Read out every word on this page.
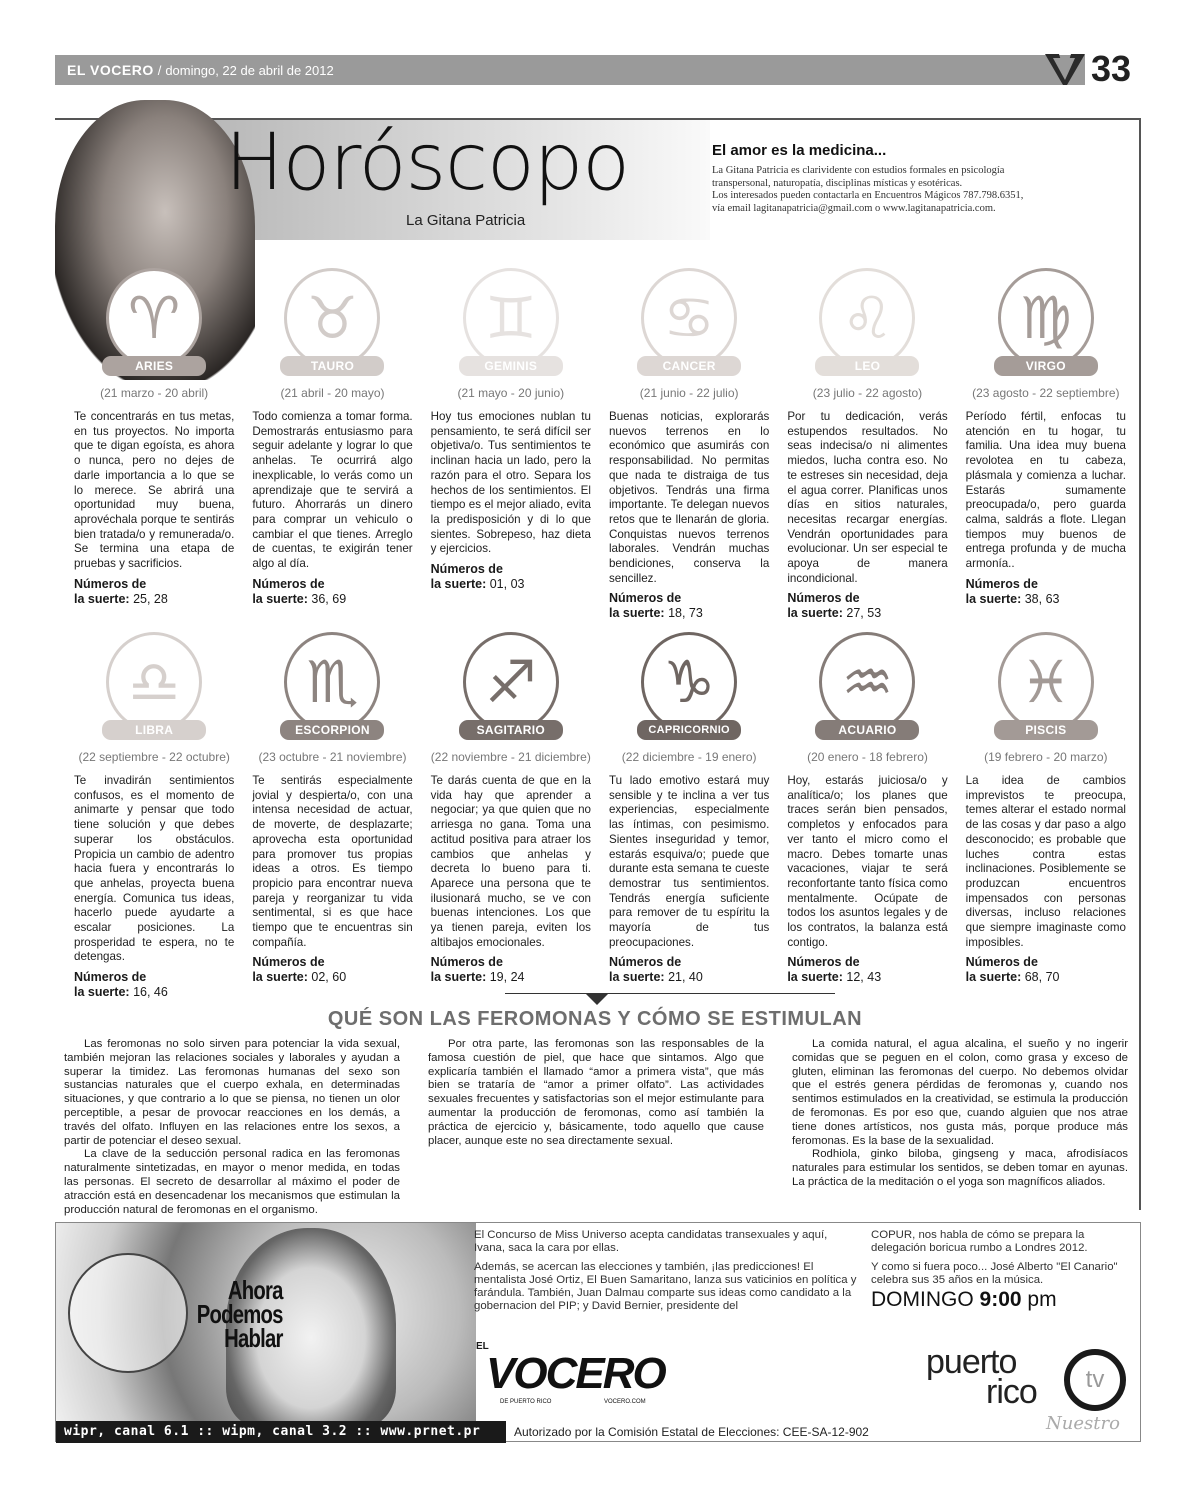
EL VOCERO / domingo, 22 de abril de 2012	33
Horóscopo
La Gitana Patricia
El amor es la medicina...

La Gitana Patricia es clarividente con estudios formales en psicología
transpersonal, naturopatía, disciplinas místicas y esotéricas.
Los interesados pueden contactarla en Encuentros Mágicos 787.798.6351,
vía email lagitanapatricia@gmail.com o www.lagitanapatricia.com.

♈
ARIES
(21 marzo - 20 abril)
Te concentrarás en tus metas, en tus proyectos. No importa que te digan egoísta, es ahora o nunca, pero no dejes de darle importancia a lo que se lo merece. Se abrirá una oportunidad muy buena, aprovéchala porque te sentirás bien tratada/o y remunerada/o. Se termina una etapa de pruebas y sacrificios.
Números de
la suerte: 25, 28
♉
TAURO
(21 abril - 20 mayo)
Todo comienza a tomar forma. Demostrarás entusiasmo para seguir adelante y lograr lo que anhelas. Te ocurrirá algo inexplicable, lo verás como un aprendizaje que te servirá a futuro. Ahorrarás un dinero para comprar un vehiculo o cambiar el que tienes. Arreglo de cuentas, te exigirán tener algo al día.
Números de
la suerte: 36, 69
♊
GEMINIS
(21 mayo - 20 junio)
Hoy tus emociones nublan tu pensamiento, te será difícil ser objetiva/o. Tus sentimientos te inclinan hacia un lado, pero la razón para el otro. Separa los hechos de los sentimientos. El tiempo es el mejor aliado, evita la predisposición y di lo que sientes. Sobrepeso, haz dieta y ejercicios.
Números de
la suerte: 01, 03
♋
CANCER
(21 junio - 22 julio)
Buenas noticias, explorarás nuevos terrenos en lo económico que asumirás con responsabilidad. No permitas que nada te distraiga de tus objetivos. Tendrás una firma importante. Te delegan nuevos retos que te llenarán de gloria. Conquistas nuevos terrenos laborales. Vendrán muchas bendiciones, conserva la sencillez.
Números de
la suerte: 18, 73
♌
LEO
(23 julio - 22 agosto)
Por tu dedicación, verás estupendos resultados. No seas indecisa/o ni alimentes miedos, lucha contra eso. No te estreses sin necesidad, deja el agua correr. Planificas unos días en sitios naturales, necesitas recargar energías. Vendrán oportunidades para evolucionar. Un ser especial te apoya de manera incondicional.
Números de
la suerte: 27, 53
♍
VIRGO
(23 agosto - 22 septiembre)
Período fértil, enfocas tu atención en tu hogar, tu familia. Una idea muy buena revolotea en tu cabeza, plásmala y comienza a luchar. Estarás sumamente preocupada/o, pero guarda calma, saldrás a flote. Llegan tiempos muy buenos de entrega profunda y de mucha armonía..
Números de
la suerte: 38, 63
♎
LIBRA
(22 septiembre - 22 octubre)
Te invadirán sentimientos confusos, es el momento de animarte y pensar que todo tiene solución y que debes superar los obstáculos. Propicia un cambio de adentro hacia fuera y encontrarás lo que anhelas, proyecta buena energía. Comunica tus ideas, hacerlo puede ayudarte a escalar posiciones. La prosperidad te espera, no te detengas.
Números de
la suerte: 16, 46
♏
ESCORPION
(23 octubre - 21 noviembre)
Te sentirás especialmente jovial y despierta/o, con una intensa necesidad de actuar, de moverte, de desplazarte; aprovecha esta oportunidad para promover tus propias ideas a otros. Es tiempo propicio para encontrar nueva pareja y reorganizar tu vida sentimental, si es que hace tiempo que te encuentras sin compañía.
Números de
la suerte: 02, 60
♐
SAGITARIO
(22 noviembre - 21 diciembre)
Te darás cuenta de que en la vida hay que aprender a negociar; ya que quien que no arriesga no gana. Toma una actitud positiva para atraer los cambios que anhelas y decreta lo bueno para ti. Aparece una persona que te ilusionará mucho, se ve con buenas intenciones. Los que ya tienen pareja, eviten los altibajos emocionales.
Números de
la suerte: 19, 24
♑
CAPRICORNIO
(22 diciembre - 19 enero)
Tu lado emotivo estará muy sensible y te inclina a ver tus experiencias, especialmente las íntimas, con pesimismo. Sientes inseguridad y temor, estarás esquiva/o; puede que durante esta semana te cueste demostrar tus sentimientos. Tendrás energía suficiente para remover de tu espíritu la mayoría de tus preocupaciones.
Números de
la suerte: 21, 40
♒
ACUARIO
(20 enero - 18 febrero)
Hoy, estarás juiciosa/o y analítica/o; los planes que traces serán bien pensados, completos y enfocados para ver tanto el micro como el macro. Debes tomarte unas vacaciones, viajar te será reconfortante tanto física como mentalmente. Ocúpate de todos los asuntos legales y de los contratos, la balanza está contigo.
Números de
la suerte: 12, 43
♓
PISCIS
(19 febrero - 20 marzo)
La idea de cambios imprevistos te preocupa, temes alterar el estado normal de las cosas y dar paso a algo desconocido; es probable que luches contra estas inclinaciones. Posiblemente se produzcan encuentros impensados con personas diversas, incluso relaciones que siempre imaginaste como imposibles.
Números de
la suerte: 68, 70
QUÉ SON LAS FEROMONAS Y CÓMO SE ESTIMULAN

Las feromonas no solo sirven para potenciar la vida sexual, también mejoran las relaciones sociales y laborales y ayudan a superar la timidez. Las feromonas humanas del sexo son sustancias naturales que el cuerpo exhala, en determinadas situaciones, y que contrario a lo que se piensa, no tienen un olor perceptible, a pesar de provocar reacciones en los demás, a través del olfato. Influyen en las relaciones entre los sexos, a partir de potenciar el deseo sexual.

La clave de la seducción personal radica en las feromonas naturalmente sintetizadas, en mayor o menor medida, en todas las personas. El secreto de desarrollar al máximo el poder de atracción está en desencadenar los mecanismos que estimulan la producción natural de feromonas en el organismo.

Por otra parte, las feromonas son las responsables de la famosa cuestión de piel, que hace que sintamos. Algo que explicaría también el llamado “amor a primera vista”, que más bien se trataría de “amor a primer olfato”. Las actividades sexuales frecuentes y satisfactorias son el mejor estimulante para aumentar la producción de feromonas, como así también la práctica de ejercicio y, básicamente, todo aquello que cause placer, aunque este no sea directamente sexual.

La comida natural, el agua alcalina, el sueño y no ingerir comidas que se peguen en el colon, como grasa y exceso de gluten, eliminan las feromonas del cuerpo. No debemos olvidar que el estrés genera pérdidas de feromonas y, cuando nos sentimos estimulados en la creatividad, se estimula la producción de feromonas. Es por eso que, cuando alguien que nos atrae tiene dones artísticos, nos gusta más, porque produce más feromonas. Es la base de la sexualidad.

Rodhiola, ginko biloba, gingseng y maca, afrodisíacos naturales para estimular los sentidos, se deben tomar en ayunas. La práctica de la meditación o el yoga son magníficos aliados.

Ahora
Podemos
Hablar

El Concurso de Miss Universo acepta candidatas transexuales y aquí, Ivana, saca la cara por ellas.

Además, se acercan las elecciones y también, ¡las predicciones! El mentalista José Ortiz, El Buen Samaritano, lanza sus vaticinios en política y farándula. También, Juan Dalmau comparte sus ideas como candidato a la gobernacion del PIP; y David Bernier, presidente del

COPUR, nos habla de cómo se prepara la delegación boricua rumbo a Londres 2012.

Y como si fuera poco... José Alberto "El Canario" celebra sus 35 años en la música.

DOMINGO 9:00 pm
EL
VOCERO
DE PUERTO RICO	VOCERO.COM
puerto
rico tv
Nuestro
wipr, canal 6.1 :: wipm, canal 3.2 :: www.prnet.pr	Autorizado por la Comisión Estatal de Elecciones: CEE-SA-12-902
